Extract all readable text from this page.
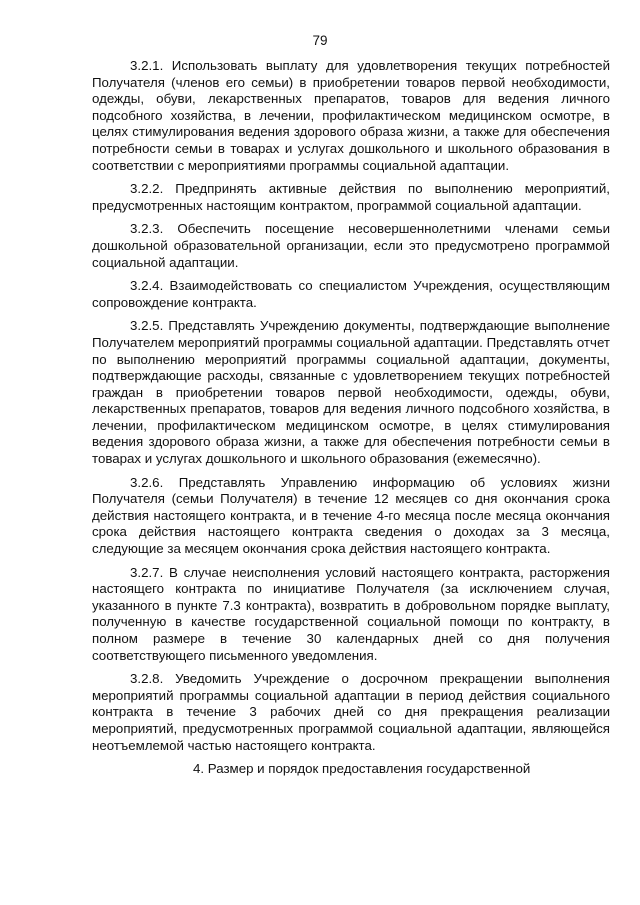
79

3.2.1. Использовать выплату для удовлетворения текущих потребностей Получателя (членов его семьи) в приобретении товаров первой необходимости, одежды, обуви, лекарственных препаратов, товаров для ведения личного подсобного хозяйства, в лечении, профилактическом медицинском осмотре, в целях стимулирования ведения здорового образа жизни, а также для обеспечения потребности семьи в товарах и услугах дошкольного и школьного образования в соответствии с мероприятиями программы социальной адаптации.

3.2.2. Предпринять активные действия по выполнению мероприятий, предусмотренных настоящим контрактом, программой социальной адаптации.

3.2.3. Обеспечить посещение несовершеннолетними членами семьи дошкольной образовательной организации, если это предусмотрено программой социальной адаптации.

3.2.4. Взаимодействовать со специалистом Учреждения, осуществляющим сопровождение контракта.

3.2.5. Представлять Учреждению документы, подтверждающие выполнение Получателем мероприятий программы социальной адаптации. Представлять отчет по выполнению мероприятий программы социальной адаптации, документы, подтверждающие расходы, связанные с удовлетворением текущих потребностей граждан в приобретении товаров первой необходимости, одежды, обуви, лекарственных препаратов, товаров для ведения личного подсобного хозяйства, в лечении, профилактическом медицинском осмотре, в целях стимулирования ведения здорового образа жизни, а также для обеспечения потребности семьи в товарах и услугах дошкольного и школьного образования (ежемесячно).

3.2.6. Представлять Управлению информацию об условиях жизни Получателя (семьи Получателя) в течение 12 месяцев со дня окончания срока действия настоящего контракта, и в течение 4-го месяца после месяца окончания срока действия настоящего контракта сведения о доходах за 3 месяца, следующие за месяцем окончания срока действия настоящего контракта.

3.2.7. В случае неисполнения условий настоящего контракта, расторжения настоящего контракта по инициативе Получателя (за исключением случая, указанного в пункте 7.3 контракта), возвратить в добровольном порядке выплату, полученную в качестве государственной социальной помощи по контракту, в полном размере в течение 30 календарных дней со дня получения соответствующего письменного уведомления.

3.2.8. Уведомить Учреждение о досрочном прекращении выполнения мероприятий программы социальной адаптации в период действия социального контракта в течение 3 рабочих дней со дня прекращения реализации мероприятий, предусмотренных программой социальной адаптации, являющейся неотъемлемой частью настоящего контракта.

4. Размер и порядок предоставления государственной
